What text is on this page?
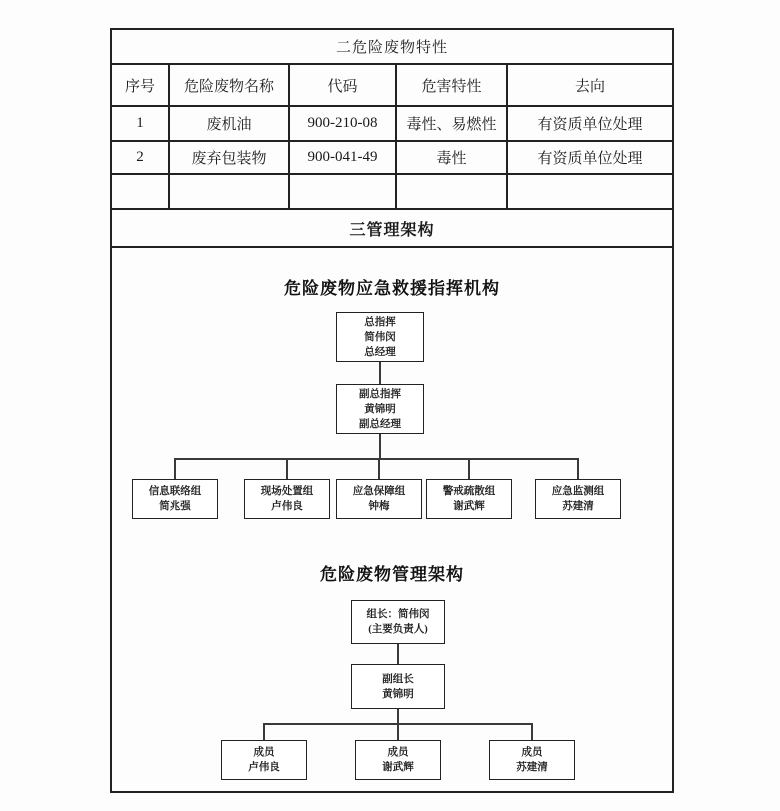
二危险废物特性				
序号	危险废物名称	代码	危害特性	去向
1	废机油	900-210-08	毒性、易燃性	有资质单位处理
2	废弃包装物	900-041-49	毒性	有资质单位处理

三管理架构				

危险废物应急救援指挥机构
总指挥
简伟闵
总经理
副总指挥
黄锦明
副总经理
信息联络组
简兆强
现场处置组
卢伟良
应急保障组
钟梅
警戒疏散组
谢武辉
应急监测组
苏建清
危险废物管理架构
组长：简伟闵
(主要负责人)
副组长
黄锦明
成员
卢伟良
成员
谢武辉
成员
苏建清
